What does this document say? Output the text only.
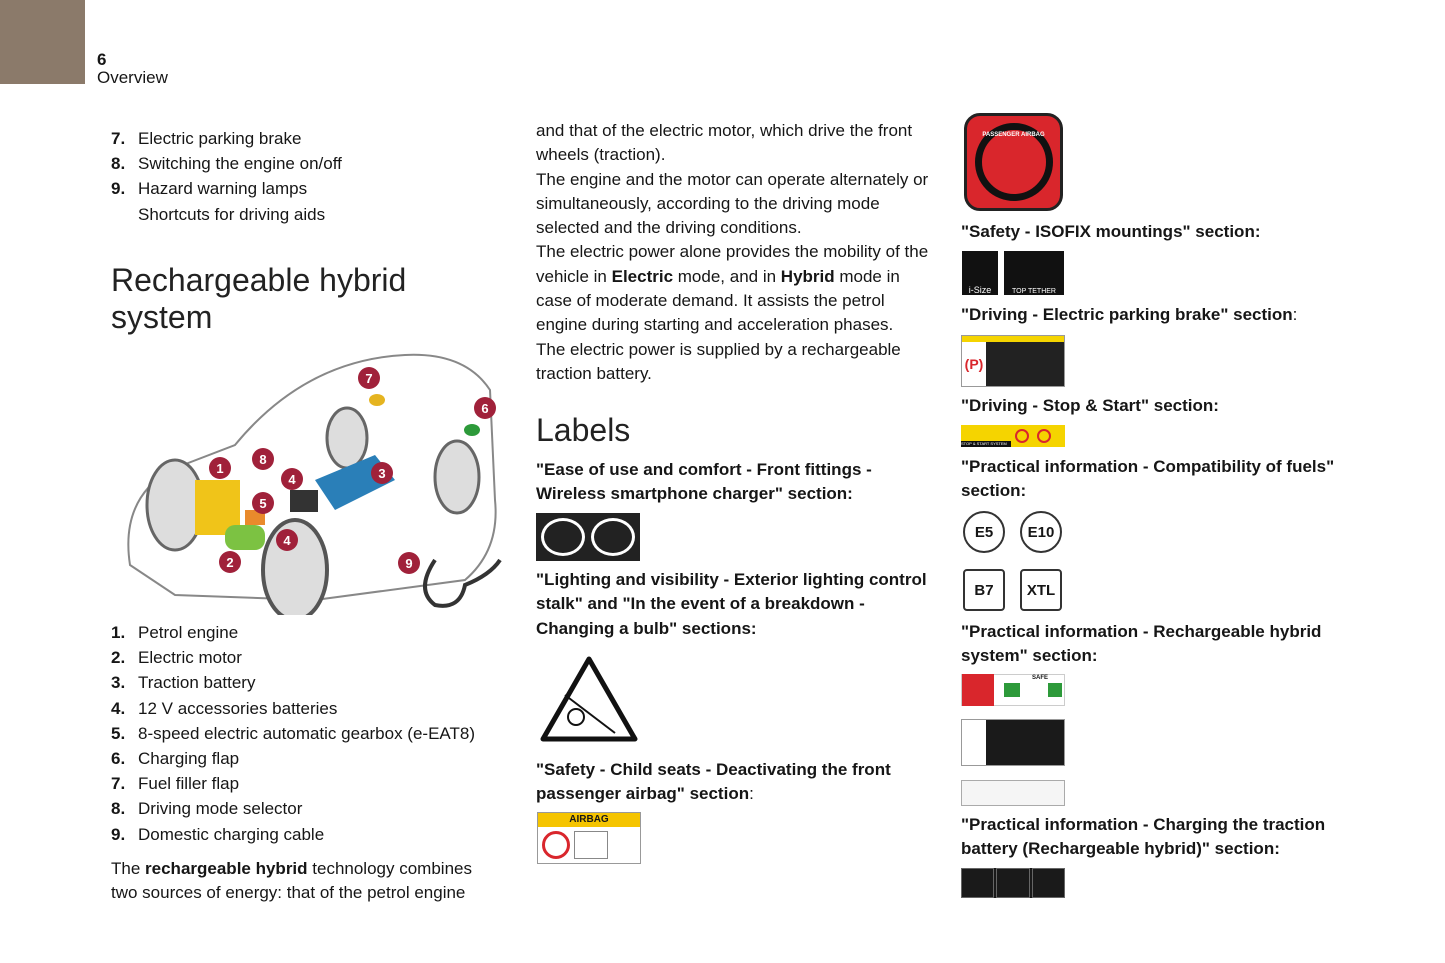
6
Overview
7. Electric parking brake
8. Switching the engine on/off
9. Hazard warning lamps
Shortcuts for driving aids
Rechargeable hybrid system
1
2
3
4
4
5
6
7
8
9
1. Petrol engine
2. Electric motor
3. Traction battery
4. 12 V accessories batteries
5. 8-speed electric automatic gearbox (e-EAT8)
6. Charging flap
7. Fuel filler flap
8. Driving mode selector
9. Domestic charging cable

The rechargeable hybrid technology combines two sources of energy: that of the petrol engine

and that of the electric motor, which drive the front wheels (traction).

The engine and the motor can operate alternately or simultaneously, according to the driving mode selected and the driving conditions.

The electric power alone provides the mobility of the vehicle in Electric mode, and in Hybrid mode in case of moderate demand. It assists the petrol engine during starting and acceleration phases.

The electric power is supplied by a rechargeable traction battery.

Labels

"Ease of use and comfort - Front fittings - Wireless smartphone charger" section:

"Lighting and visibility - Exterior lighting control stalk" and "In the event of a breakdown - Changing a bulb" sections:

"Safety - Child seats - Deactivating the front passenger airbag" section:

AIRBAG
PASSENGER AIRBAG

"Safety - ISOFIX mountings" section:

i-Size	TOP TETHER

"Driving - Electric parking brake" section:

(P)

"Driving - Stop & Start" section:

STOP & START SYSTEM

"Practical information - Compatibility of fuels" section:

E5	E10
B7	XTL

"Practical information - Rechargeable hybrid system" section:

SAFE

"Practical information - Charging the traction battery (Rechargeable hybrid)" section:
